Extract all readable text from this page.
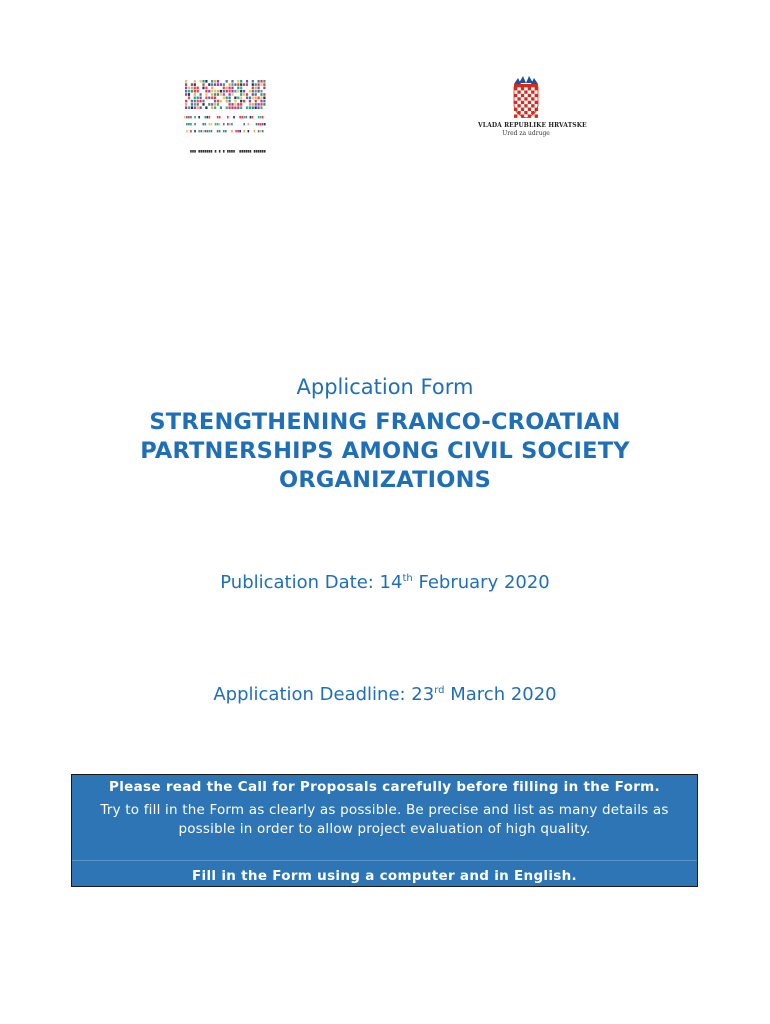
VLADA REPUBLIKE HRVATSKE
Ured za udruge
Application Form
STRENGTHENING FRANCO-CROATIAN
PARTNERSHIPS AMONG CIVIL SOCIETY
ORGANIZATIONS
Publication Date: 14th February 2020
Application Deadline: 23rd March 2020
Please read the Call for Proposals carefully before filling in the Form.
Try to fill in the Form as clearly as possible. Be precise and list as many details as possible in order to allow project evaluation of high quality.
Fill in the Form using a computer and in English.
